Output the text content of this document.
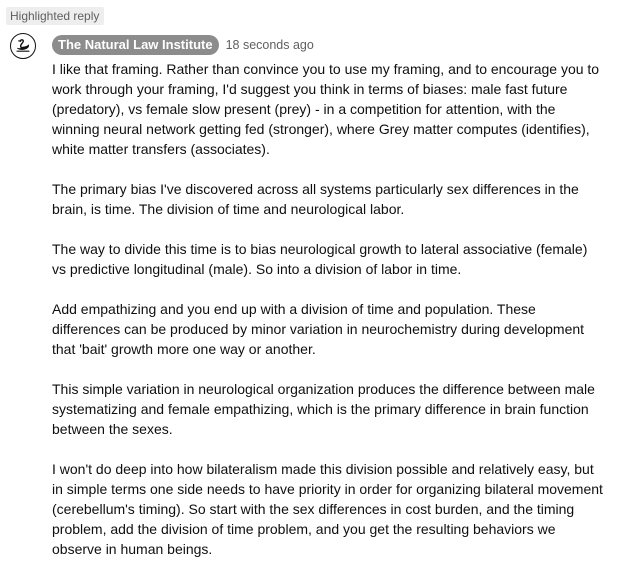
Highlighted reply
The Natural Law Institute	18 seconds ago
I like that framing. Rather than convince you to use my framing, and to encourage you to
work through your framing, I'd suggest you think in terms of biases: male fast future
(predatory), vs female slow present (prey) - in a competition for attention, with the
winning neural network getting fed (stronger), where Grey matter computes (identifies),
white matter transfers (associates).
The primary bias I've discovered across all systems particularly sex differences in the
brain, is time. The division of time and neurological labor.
The way to divide this time is to bias neurological growth to lateral associative (female)
vs predictive longitudinal (male). So into a division of labor in time.
Add empathizing and you end up with a division of time and population. These
differences can be produced by minor variation in neurochemistry during development
that 'bait' growth more one way or another.
This simple variation in neurological organization produces the difference between male
systematizing and female empathizing, which is the primary difference in brain function
between the sexes.
I won't do deep into how bilateralism made this division possible and relatively easy, but
in simple terms one side needs to have priority in order for organizing bilateral movement
(cerebellum's timing). So start with the sex differences in cost burden, and the timing
problem, add the division of time problem, and you get the resulting behaviors we
observe in human beings.
